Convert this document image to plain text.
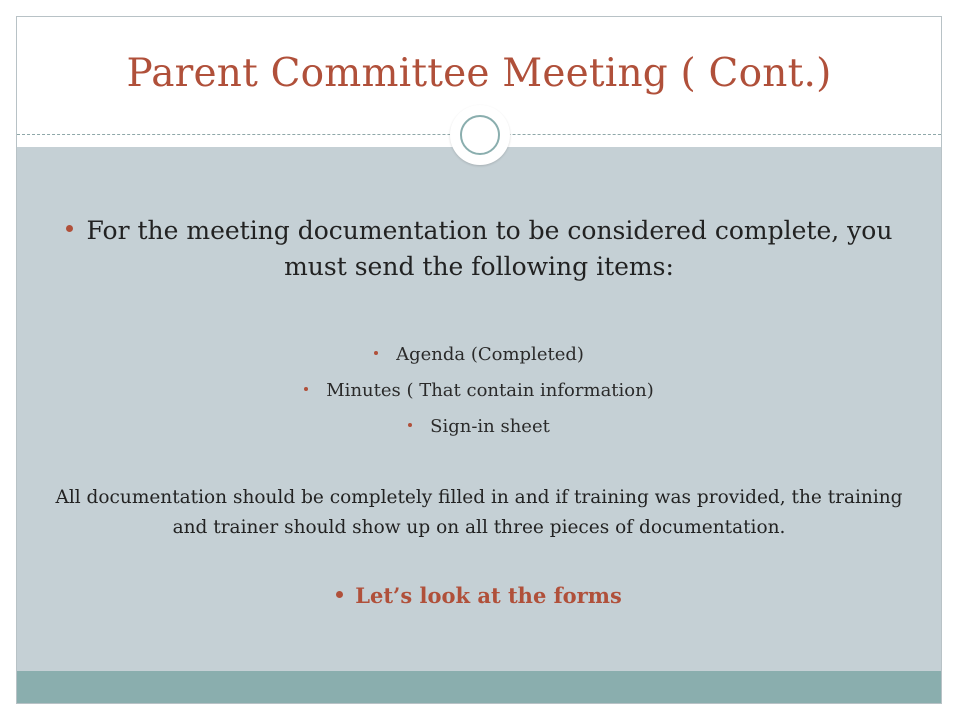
Parent Committee Meeting ( Cont.)
For the meeting documentation to be considered complete, you must send the following items:
Agenda (Completed)
Minutes ( That contain information)
Sign-in sheet
All documentation should be completely filled in and if training was provided, the training and trainer should show up on all three pieces of documentation.
Let’s look at the forms
